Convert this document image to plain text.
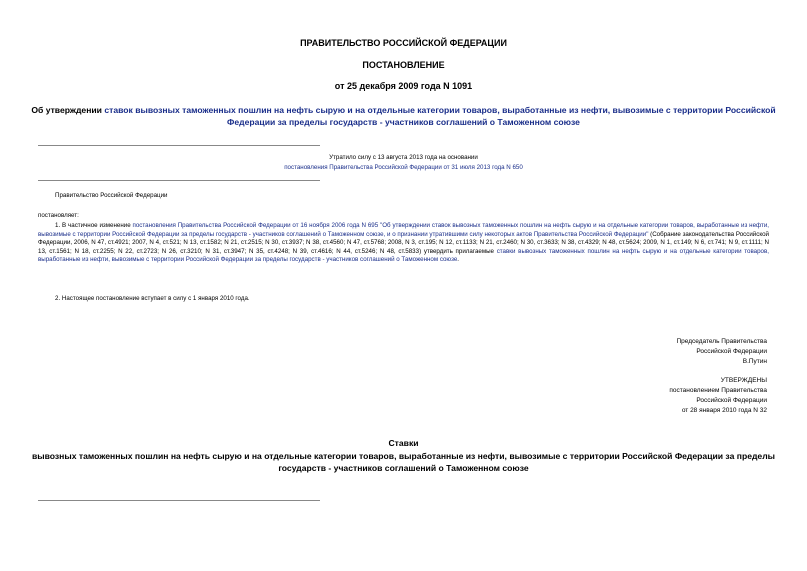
ПРАВИТЕЛЬСТВО РОССИЙСКОЙ ФЕДЕРАЦИИ
ПОСТАНОВЛЕНИЕ
от 25 декабря 2009 года N 1091
Об утверждении ставок вывозных таможенных пошлин на нефть сырую и на отдельные категории товаров, выработанные из нефти, вывозимые с территории Российской Федерации за пределы государств - участников соглашений о Таможенном союзе
Утратило силу с 13 августа 2013 года на основании
постановления Правительства Российской Федерации от 31 июля 2013 года N 650
Правительство Российской Федерации
постановляет:
1. В частичное изменение постановления Правительства Российской Федерации от 16 ноября 2006 года N 695 "Об утверждении ставок вывозных таможенных пошлин на нефть сырую и на отдельные категории товаров, выработанные из нефти, вывозимые с территории Российской Федерации за пределы государств - участников соглашений о Таможенном союзе, и о признании утратившими силу некоторых актов Правительства Российской Федерации" (Собрание законодательства Российской Федерации, 2006, N 47, ст.4921; 2007, N 4, ст.521; N 13, ст.1582; N 21, ст.2515; N 30, ст.3937; N 38, ст.4560; N 47, ст.5768; 2008, N 3, ст.195; N 12, ст.1133; N 21, ст.2460; N 30, ст.3633; N 38, ст.4329; N 48, ст.5624; 2009, N 1, ст.149; N 6, ст.741; N 9, ст.1111; N 13, ст.1561; N 18, ст.2255; N 22, ст.2723; N 26, ст.3210; N 31, ст.3947; N 35, ст.4248; N 39, ст.4616; N 44, ст.5246; N 48, ст.5833) утвердить прилагаемые ставки вывозных таможенных пошлин на нефть сырую и на отдельные категории товаров, выработанные из нефти, вывозимые с территории Российской Федерации за пределы государств - участников соглашений о Таможенном союзе.
2. Настоящее постановление вступает в силу с 1 января 2010 года.
Председатель Правительства
Российской Федерации
В.Путин
УТВЕРЖДЕНЫ
постановлением Правительства
Российской Федерации
от 28 января 2010 года N 32
Ставки
вывозных таможенных пошлин на нефть сырую и на отдельные категории товаров, выработанные из нефти, вывозимые с территории Российской Федерации за пределы государств - участников соглашений о Таможенном союзе
